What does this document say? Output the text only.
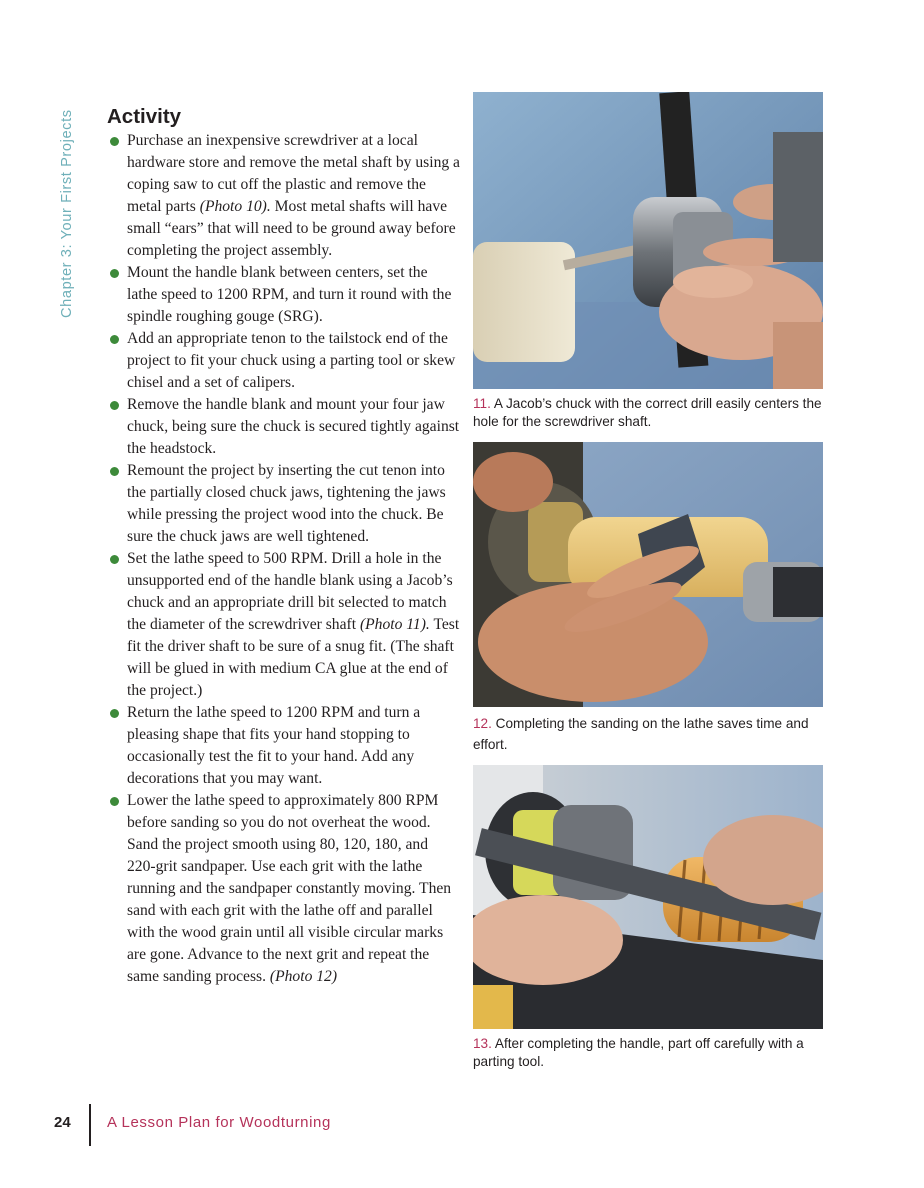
Chapter 3: Your First Projects Activity
Purchase an inexpensive screwdriver at a local hardware store and remove the metal shaft by using a coping saw to cut off the plastic and remove the metal parts (Photo 10). Most metal shafts will have small “ears” that will need to be ground away before completing the project assembly.
Mount the handle blank between centers, set the lathe speed to 1200 RPM, and turn it round with the spindle roughing gouge (SRG).
Add an appropriate tenon to the tailstock end of the project to fit your chuck using a parting tool or skew chisel and a set of calipers.
Remove the handle blank and mount your four jaw chuck, being sure the chuck is secured tightly against the headstock.
Remount the project by inserting the cut tenon into the partially closed chuck jaws, tightening the jaws while pressing the project wood into the chuck. Be sure the chuck jaws are well tightened.
Set the lathe speed to 500 RPM. Drill a hole in the unsupported end of the handle blank using a Jacob’s chuck and an appropriate drill bit selected to match the diameter of the screwdriver shaft (Photo 11). Test fit the driver shaft to be sure of a snug fit. (The shaft will be glued in with medium CA glue at the end of the project.)
Return the lathe speed to 1200 RPM and turn a pleasing shape that fits your hand stopping to occasionally test the fit to your hand. Add any decorations that you may want.
Lower the lathe speed to approximately 800 RPM before sanding so you do not overheat the wood. Sand the project smooth using 80, 120, 180, and 220-grit sandpaper. Use each grit with the lathe running and the sandpaper constantly moving. Then sand with each grit with the lathe off and parallel with the wood grain until all visible circular marks are gone. Advance to the next grit and repeat the same sanding process. (Photo 12)
11. A Jacob’s chuck with the correct drill easily centers the hole for the screwdriver shaft.
12. Completing the sanding on the lathe saves time and effort.
13. After completing the handle, part off carefully with a parting tool.
24 A Lesson Plan for Woodturning
